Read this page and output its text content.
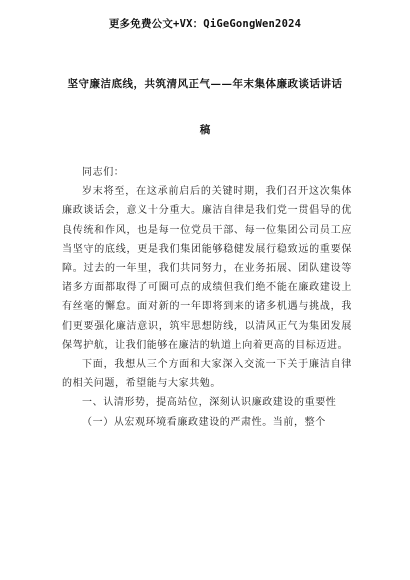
更多免费公文+VX：QiGeGongWen2024
坚守廉洁底线，共筑清风正气——年末集体廉政谈话讲话
稿

同志们：

岁末将至，在这承前启后的关键时期，我们召开这次集体廉政谈话会，意义十分重大。廉洁自律是我们党一贯倡导的优良传统和作风，也是每一位党员干部、每一位集团公司员工应当坚守的底线，更是我们集团能够稳健发展行稳致远的重要保障。过去的一年里，我们共同努力，在业务拓展、团队建设等诸多方面都取得了可圈可点的成绩但我们绝不能在廉政建设上有丝毫的懈怠。面对新的一年即将到来的诸多机遇与挑战，我们更要强化廉洁意识，筑牢思想防线，以清风正气为集团发展保驾护航，让我们能够在廉洁的轨道上向着更高的目标迈进。

下面，我想从三个方面和大家深入交流一下关于廉洁自律的相关问题，希望能与大家共勉。

一、认清形势，提高站位，深刻认识廉政建设的重要性

（一）从宏观环境看廉政建设的严肃性。当前，整个
